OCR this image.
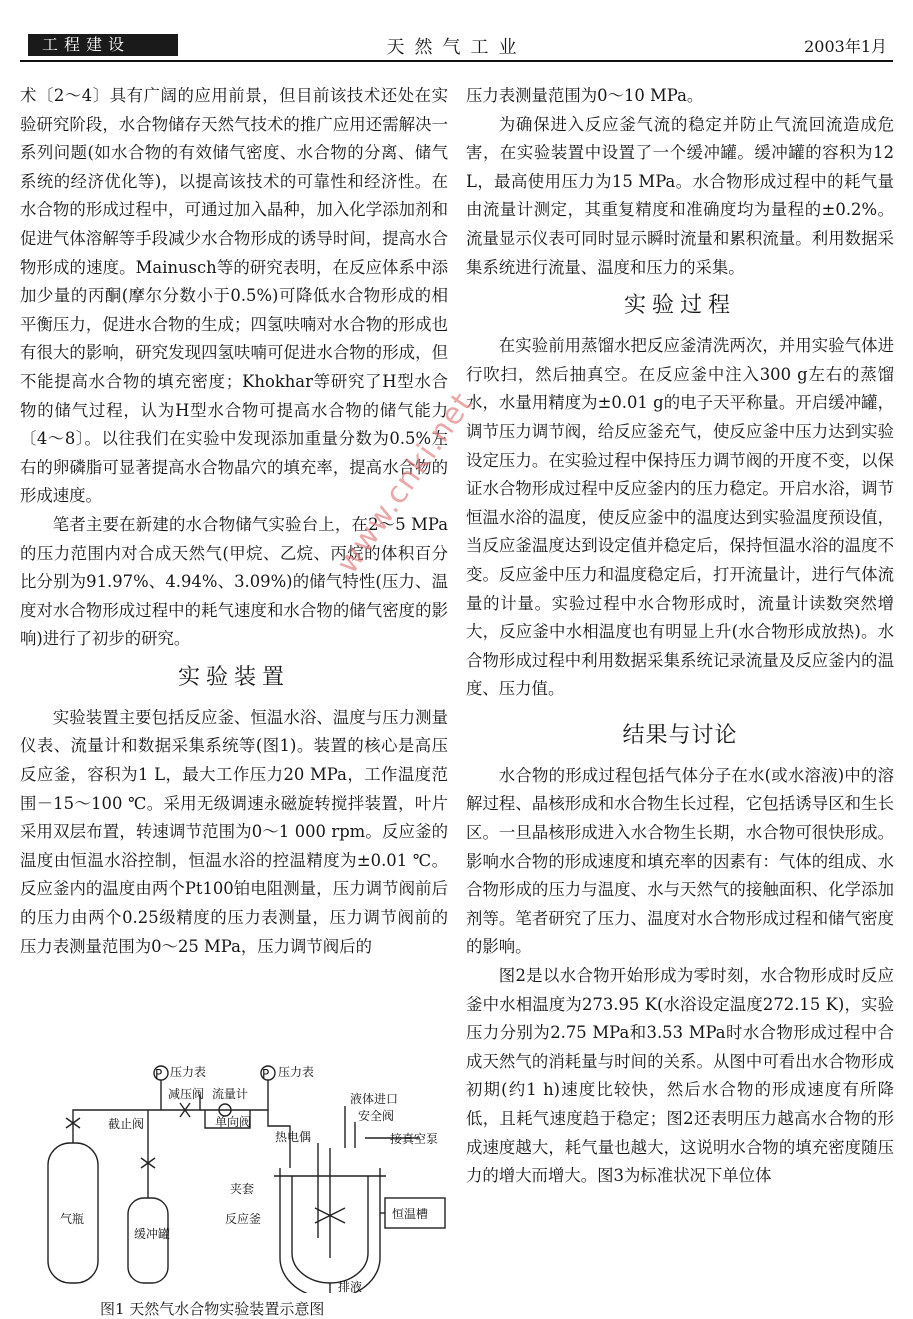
工程建设	天然气工业	2003年1月

术〔2～4〕具有广阔的应用前景，但目前该技术还处在实验研究阶段，水合物储存天然气技术的推广应用还需解决一系列问题(如水合物的有效储气密度、水合物的分离、储气系统的经济优化等)，以提高该技术的可靠性和经济性。在水合物的形成过程中，可通过加入晶种，加入化学添加剂和促进气体溶解等手段减少水合物形成的诱导时间，提高水合物形成的速度。Mainusch等的研究表明，在反应体系中添加少量的丙酮(摩尔分数小于0.5%)可降低水合物形成的相平衡压力，促进水合物的生成；四氢呋喃对水合物的形成也有很大的影响，研究发现四氢呋喃可促进水合物的形成，但不能提高水合物的填充密度；Khokhar等研究了H型水合物的储气过程，认为H型水合物可提高水合物的储气能力〔4～8〕。以往我们在实验中发现添加重量分数为0.5%左右的卵磷脂可显著提高水合物晶穴的填充率，提高水合物的形成速度。

笔者主要在新建的水合物储气实验台上，在2～5 MPa的压力范围内对合成天然气(甲烷、乙烷、丙烷的体积百分比分别为91.97%、4.94%、3.09%)的储气特性(压力、温度对水合物形成过程中的耗气速度和水合物的储气密度的影响)进行了初步的研究。

实验装置

实验装置主要包括反应釜、恒温水浴、温度与压力测量仪表、流量计和数据采集系统等(图1)。装置的核心是高压反应釜，容积为1 L，最大工作压力20 MPa，工作温度范围－15～100 ℃。采用无级调速永磁旋转搅拌装置，叶片采用双层布置，转速调节范围为0～1 000 rpm。反应釜的温度由恒温水浴控制，恒温水浴的控温精度为±0.01 ℃。反应釜内的温度由两个Pt100铂电阻测量，压力调节阀前后的压力由两个0.25级精度的压力表测量，压力调节阀前的压力表测量范围为0～25 MPa，压力调节阀后的

压力表测量范围为0～10 MPa。

为确保进入反应釜气流的稳定并防止气流回流造成危害，在实验装置中设置了一个缓冲罐。缓冲罐的容积为12 L，最高使用压力为15 MPa。水合物形成过程中的耗气量由流量计测定，其重复精度和准确度均为量程的±0.2%。流量显示仪表可同时显示瞬时流量和累积流量。利用数据采集系统进行流量、温度和压力的采集。

实验过程

在实验前用蒸馏水把反应釜清洗两次，并用实验气体进行吹扫，然后抽真空。在反应釜中注入300 g左右的蒸馏水，水量用精度为±0.01 g的电子天平称量。开启缓冲罐，调节压力调节阀，给反应釜充气，使反应釜中压力达到实验设定压力。在实验过程中保持压力调节阀的开度不变，以保证水合物形成过程中反应釜内的压力稳定。开启水浴，调节恒温水浴的温度，使反应釜中的温度达到实验温度预设值，当反应釜温度达到设定值并稳定后，保持恒温水浴的温度不变。反应釜中压力和温度稳定后，打开流量计，进行气体流量的计量。实验过程中水合物形成时，流量计读数突然增大，反应釜中水相温度也有明显上升(水合物形成放热)。水合物形成过程中利用数据采集系统记录流量及反应釜内的温度、压力值。

结果与讨论

水合物的形成过程包括气体分子在水(或水溶液)中的溶解过程、晶核形成和水合物生长过程，它包括诱导区和生长区。一旦晶核形成进入水合物生长期，水合物可很快形成。影响水合物的形成速度和填充率的因素有：气体的组成、水合物形成的压力与温度、水与天然气的接触面积、化学添加剂等。笔者研究了压力、温度对水合物形成过程和储气密度的影响。

图2是以水合物开始形成为零时刻，水合物形成时反应釜中水相温度为273.95 K(水浴设定温度272.15 K)，实验压力分别为2.75 MPa和3.53 MPa时水合物形成过程中合成天然气的消耗量与时间的关系。从图中可看出水合物形成初期(约1 h)速度比较快，然后水合物的形成速度有所降低，且耗气速度趋于稳定；图2还表明压力越高水合物的形成速度越大，耗气量也越大，这说明水合物的填充密度随压力的增大而增大。图3为标准状况下单位体

P	P
压力表	压力表
减压阀 流量计
截止阀	单向阀
热电偶
液体进口
安全阀
接真空泵
缓冲罐
夹套
反应釜	恒温槽
气瓶
排液
图1 天然气水合物实验装置示意图
www.cnki.net
